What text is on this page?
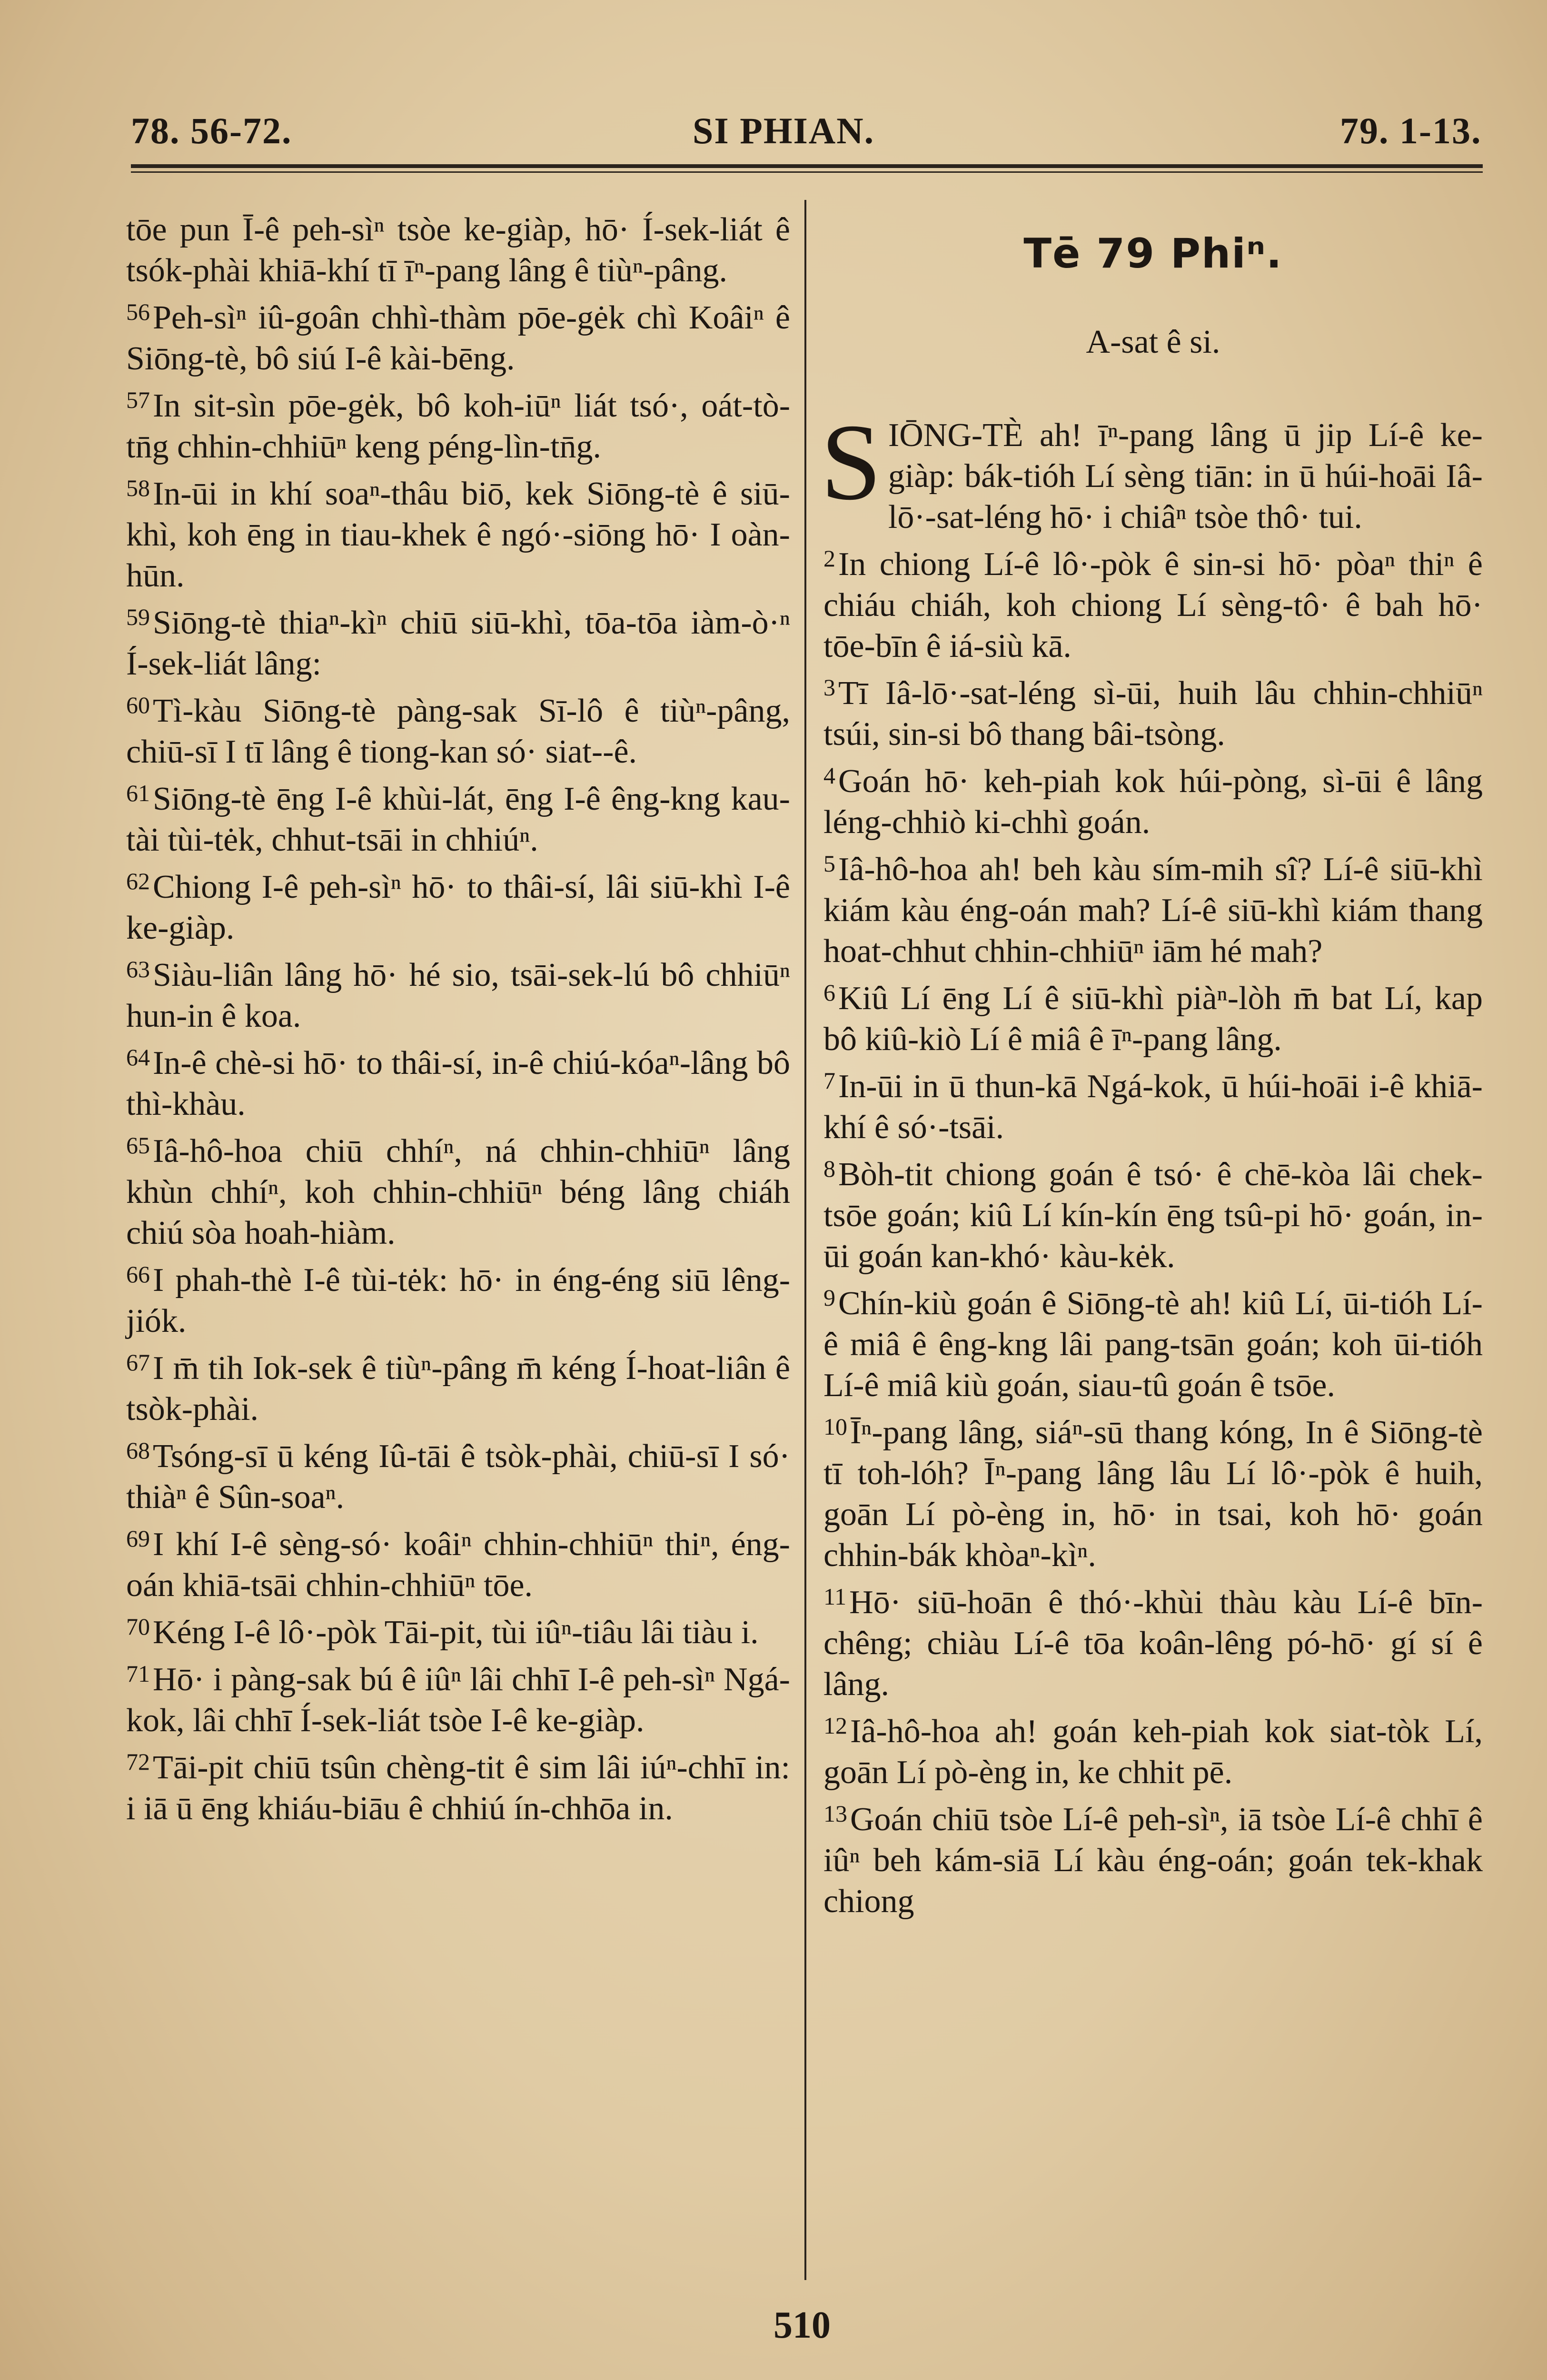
78. 56-72.	SI PHIAN.	79. 1-13.

tōe pun Ī-ê peh-sìⁿ tsòe ke-giàp, hō· Í-sek-liát ê tsók-phài khiā-khí tī īⁿ-pang lâng ê tiùⁿ-pâng.

$^{56}$Peh-sìⁿ iû-goân chhì-thàm pōe-gėk chì Koâiⁿ ê Siōng-tè, bô siú I-ê kài-bēng.

$^{57}$In sit-sìn pōe-gėk, bô koh-iūⁿ liát tsó·, oát-tò-tn̄g chhin-chhiūⁿ keng péng-lìn-tn̄g.

$^{58}$In-ūi in khí soaⁿ-thâu biō, kek Siōng-tè ê siū-khì, koh ēng in tiau-khek ê ngó·-siōng hō· I oàn-hūn.

$^{59}$Siōng-tè thiaⁿ-kìⁿ chiū siū-khì, tōa-tōa iàm-ò·ⁿ Í-sek-liát lâng:

$^{60}$Tì-kàu Siōng-tè pàng-sak Sī-lô ê tiùⁿ-pâng, chiū-sī I tī lâng ê tiong-kan só· siat--ê.

$^{61}$Siōng-tè ēng I-ê khùi-lát, ēng I-ê êng-kng kau-tài tùi-tėk, chhut-tsāi in chhiúⁿ.

$^{62}$Chiong I-ê peh-sìⁿ hō· to thâi-sí, lâi siū-khì I-ê ke-giàp.

$^{63}$Siàu-liân lâng hō· hé sio, tsāi-sek-lú bô chhiūⁿ hun-in ê koa.

$^{64}$In-ê chè-si hō· to thâi-sí, in-ê chiú-kóaⁿ-lâng bô thì-khàu.

$^{65}$Iâ-hô-hoa chiū chhíⁿ, ná chhin-chhiūⁿ lâng khùn chhíⁿ, koh chhin-chhiūⁿ béng lâng chiáh chiú sòa hoah-hiàm.

$^{66}$I phah-thè I-ê tùi-tėk: hō· in éng-éng siū lêng-jiók.

$^{67}$I m̄ tih Iok-sek ê tiùⁿ-pâng m̄ kéng Í-hoat-liân ê tsòk-phài.

$^{68}$Tsóng-sī ū kéng Iû-tāi ê tsòk-phài, chiū-sī I só· thiàⁿ ê Sûn-soaⁿ.

$^{69}$I khí I-ê sèng-só· koâiⁿ chhin-chhiūⁿ thiⁿ, éng-oán khiā-tsāi chhin-chhiūⁿ tōe.

$^{70}$Kéng I-ê lô·-pòk Tāi-pit, tùi iûⁿ-tiâu lâi tiàu i.

$^{71}$Hō· i pàng-sak bú ê iûⁿ lâi chhī I-ê peh-sìⁿ Ngá-kok, lâi chhī Í-sek-liát tsòe I-ê ke-giàp.

$^{72}$Tāi-pit chiū tsûn chèng-tit ê sim lâi iúⁿ-chhī in: i iā ū ēng khiáu-biāu ê chhiú ín-chhōa in.

Tē 79 Phiⁿ.
A-sat ê si.

SIŌNG-TÈ ah! īⁿ-pang lâng ū jip Lí-ê ke-giàp: bák-tióh Lí sèng tiān: in ū húi-hoāi Iâ-lō·-sat-léng hō· i chiâⁿ tsòe thô· tui.

$^2$In chiong Lí-ê lô·-pòk ê sin-si hō· pòaⁿ thiⁿ ê chiáu chiáh, koh chiong Lí sèng-tô· ê bah hō· tōe-bīn ê iá-siù kā.

$^3$Tī Iâ-lō·-sat-léng sì-ūi, huih lâu chhin-chhiūⁿ tsúi, sin-si bô thang bâi-tsòng.

$^4$Goán hō· keh-piah kok húi-pòng, sì-ūi ê lâng léng-chhiò ki-chhì goán.

$^5$Iâ-hô-hoa ah! beh kàu sím-mih sî? Lí-ê siū-khì kiám kàu éng-oán mah? Lí-ê siū-khì kiám thang hoat-chhut chhin-chhiūⁿ iām hé mah?

$^6$Kiû Lí ēng Lí ê siū-khì piàⁿ-lòh m̄ bat Lí, kap bô kiû-kiò Lí ê miâ ê īⁿ-pang lâng.

$^7$In-ūi in ū thun-kā Ngá-kok, ū húi-hoāi i-ê khiā-khí ê só·-tsāi.

$^8$Bòh-tit chiong goán ê tsó· ê chē-kòa lâi chek-tsōe goán; kiû Lí kín-kín ēng tsû-pi hō· goán, in-ūi goán kan-khó· kàu-kėk.

$^9$Chín-kiù goán ê Siōng-tè ah! kiû Lí, ūi-tióh Lí-ê miâ ê êng-kng lâi pang-tsān goán; koh ūi-tióh Lí-ê miâ kiù goán, siau-tû goán ê tsōe.

$^{10}$Īⁿ-pang lâng, siáⁿ-sū thang kóng, In ê Siōng-tè tī toh-lóh? Īⁿ-pang lâng lâu Lí lô·-pòk ê huih, goān Lí pò-èng in, hō· in tsai, koh hō· goán chhin-bák khòaⁿ-kìⁿ.

$^{11}$Hō· siū-hoān ê thó·-khùi thàu kàu Lí-ê bīn-chêng; chiàu Lí-ê tōa koân-lêng pó-hō· gí sí ê lâng.

$^{12}$Iâ-hô-hoa ah! goán keh-piah kok siat-tòk Lí, goān Lí pò-èng in, ke chhit pē.

$^{13}$Goán chiū tsòe Lí-ê peh-sìⁿ, iā tsòe Lí-ê chhī ê iûⁿ beh kám-siā Lí kàu éng-oán; goán tek-khak chiong

510
